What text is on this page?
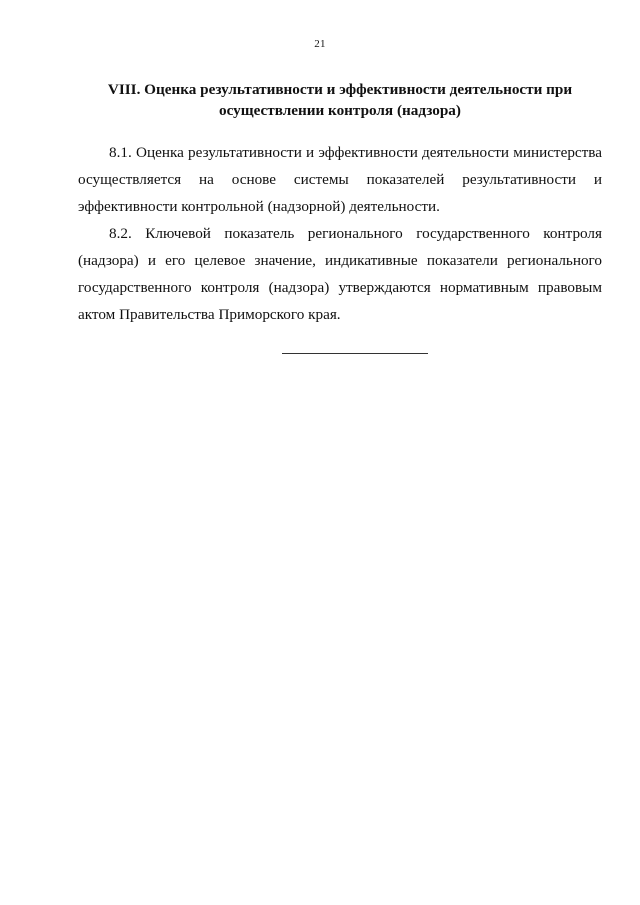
21
VIII. Оценка результативности и эффективности деятельности при осуществлении контроля (надзора)

8.1. Оценка результативности и эффективности деятельности министерства осуществляется на основе системы показателей результативности и эффективности контрольной (надзорной) деятельности.

8.2. Ключевой показатель регионального государственного контроля (надзора) и его целевое значение, индикативные показатели регионального государственного контроля (надзора) утверждаются нормативным правовым актом Правительства Приморского края.
